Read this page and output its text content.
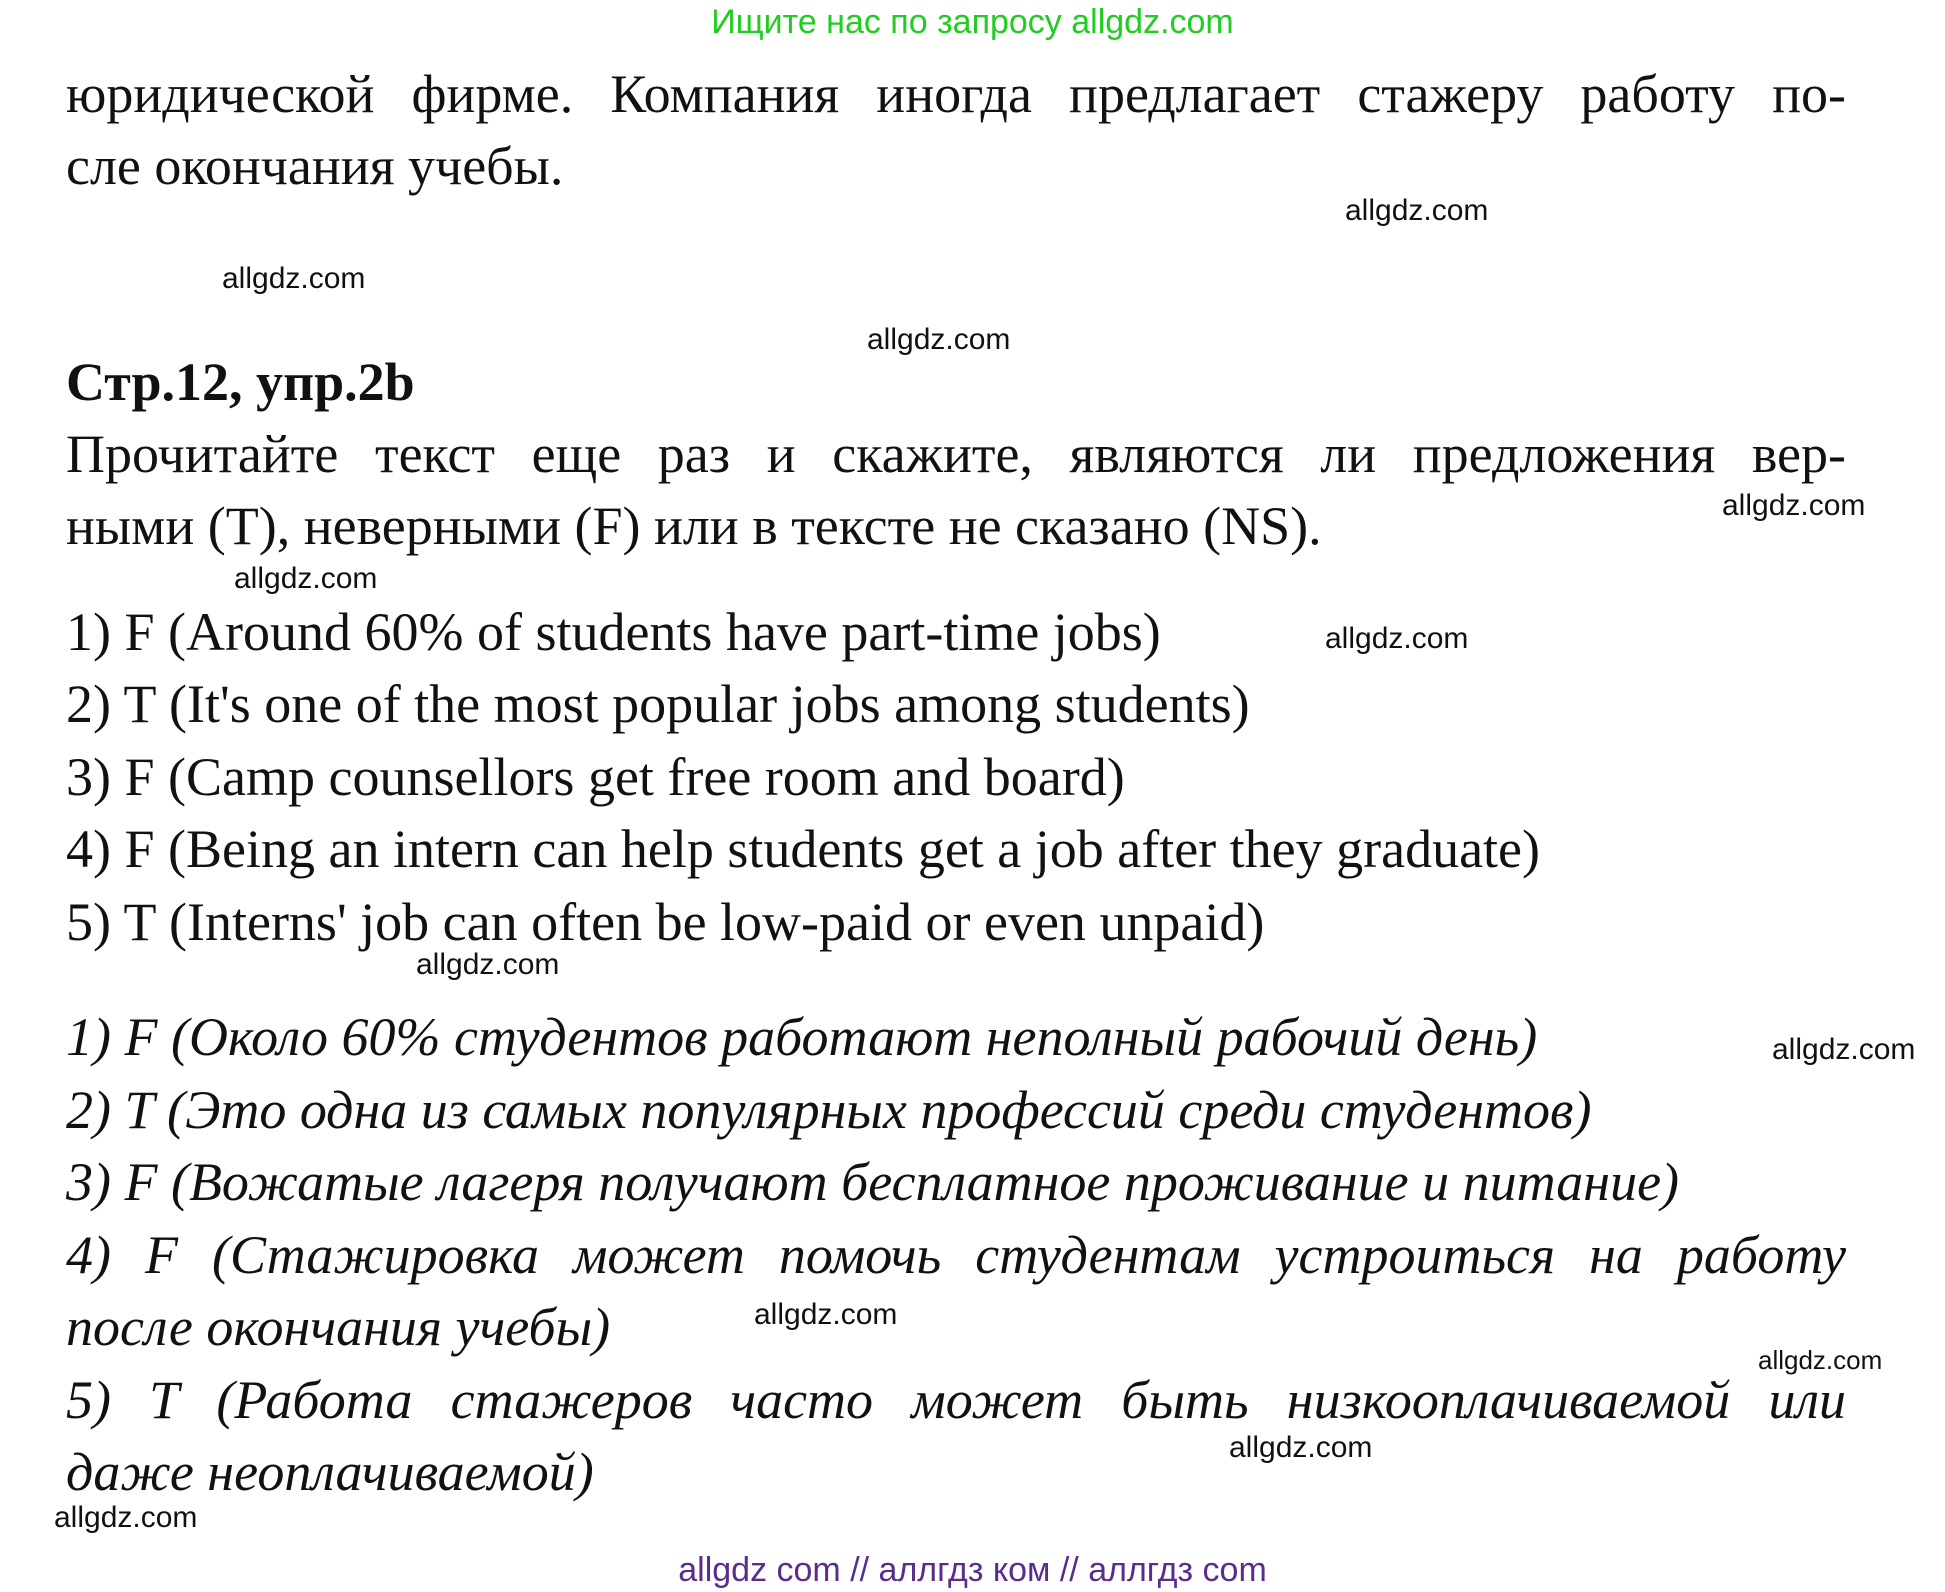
Ищите нас по запросу allgdz.com
юридической фирме. Компания иногда предлагает стажеру работу по-
сле окончания учебы.
Стр.12, упр.2b
Прочитайте текст еще раз и скажите, являются ли предложения вер-
ными (T), неверными (F) или в тексте не сказано (NS).
1) F (Around 60% of students have part-time jobs)
2) T (It's one of the most popular jobs among students)
3) F (Camp counsellors get free room and board)
4) F (Being an intern can help students get a job after they graduate)
5) T (Interns' job can often be low-paid or even unpaid)
1) F (Около 60% студентов работают неполный рабочий день)
2) T (Это одна из самых популярных профессий среди студентов)
3) F (Вожатые лагеря получают бесплатное проживание и питание)
4) F (Стажировка может помочь студентам устроиться на работу
после окончания учебы)
5) T (Работа стажеров часто может быть низкооплачиваемой или
даже неоплачиваемой)
allgdz.com
allgdz.com
allgdz.com
allgdz.com
allgdz.com
allgdz.com
allgdz.com
allgdz.com
allgdz.com
allgdz.com
allgdz.com
allgdz.com
allgdz com // аллгдз ком // аллгдз com
